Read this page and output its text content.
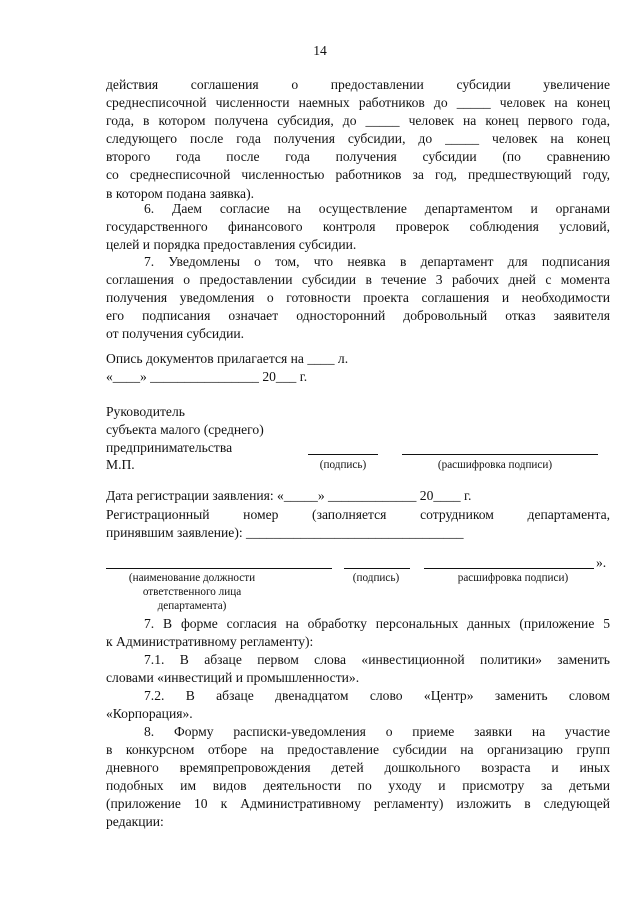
14
действия соглашения о предоставлении субсидии увеличение
среднесписочной численности наемных работников до _____ человек на конец
года, в котором получена субсидия, до _____ человек на конец первого года,
следующего после года получения субсидии, до _____ человек на конец
второго года после года получения субсидии (по сравнению
со среднесписочной численностью работников за год, предшествующий году,
в котором подана заявка).
6. Даем согласие на осуществление департаментом и органами
государственного финансового контроля проверок соблюдения условий,
целей и порядка предоставления субсидии.
7. Уведомлены о том, что неявка в департамент для подписания
соглашения о предоставлении субсидии в течение 3 рабочих дней с момента
получения уведомления о готовности проекта соглашения и необходимости
его подписания означает односторонний добровольный отказ заявителя
от получения субсидии.
Опись документов прилагается на ____ л.
«____» ________________ 20___ г.
Руководитель
субъекта малого (среднего)
предпринимательства
М.П.	(подпись)	(расшифровка подписи)
Дата регистрации заявления: «_____» _____________ 20____ г.
Регистрационный номер (заполняется сотрудником департамента,
принявшим заявление): ________________________________
».
(наименование должности
ответственного лица
департамента)
(подпись)	расшифровка подписи)
7. В форме согласия на обработку персональных данных (приложение 5
к Административному регламенту):
7.1. В абзаце первом слова «инвестиционной политики» заменить
словами «инвестиций и промышленности».
7.2. В абзаце двенадцатом слово «Центр» заменить словом
«Корпорация».
8. Форму расписки-уведомления о приеме заявки на участие
в конкурсном отборе на предоставление субсидии на организацию групп
дневного времяпрепровождения детей дошкольного возраста и иных
подобных им видов деятельности по уходу и присмотру за детьми
(приложение 10 к Административному регламенту) изложить в следующей
редакции:
